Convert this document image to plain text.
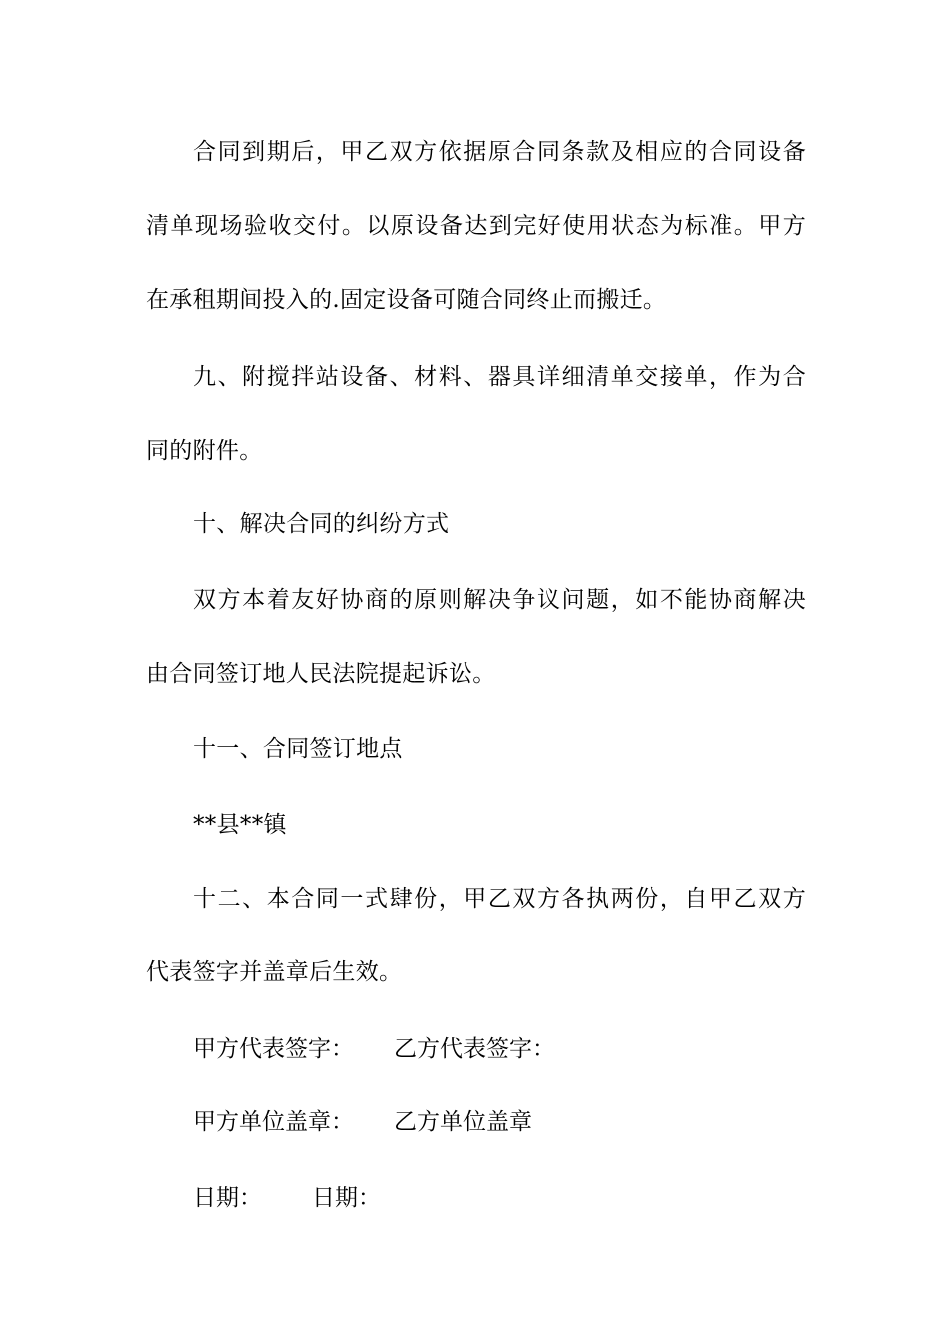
合同到期后，甲乙双方依据原合同条款及相应的合同设备
清单现场验收交付。以原设备达到完好使用状态为标准。甲方
在承租期间投入的.固定设备可随合同终止而搬迁。
九、附搅拌站设备、材料、器具详细清单交接单，作为合
同的附件。
十、解决合同的纠纷方式
双方本着友好协商的原则解决争议问题，如不能协商解决
由合同签订地人民法院提起诉讼。
十一、合同签订地点
**县**镇
十二、本合同一式肆份，甲乙双方各执两份，自甲乙双方
代表签字并盖章后生效。
甲方代表签字： 乙方代表签字：
甲方单位盖章： 乙方单位盖章
日期： 日期：
